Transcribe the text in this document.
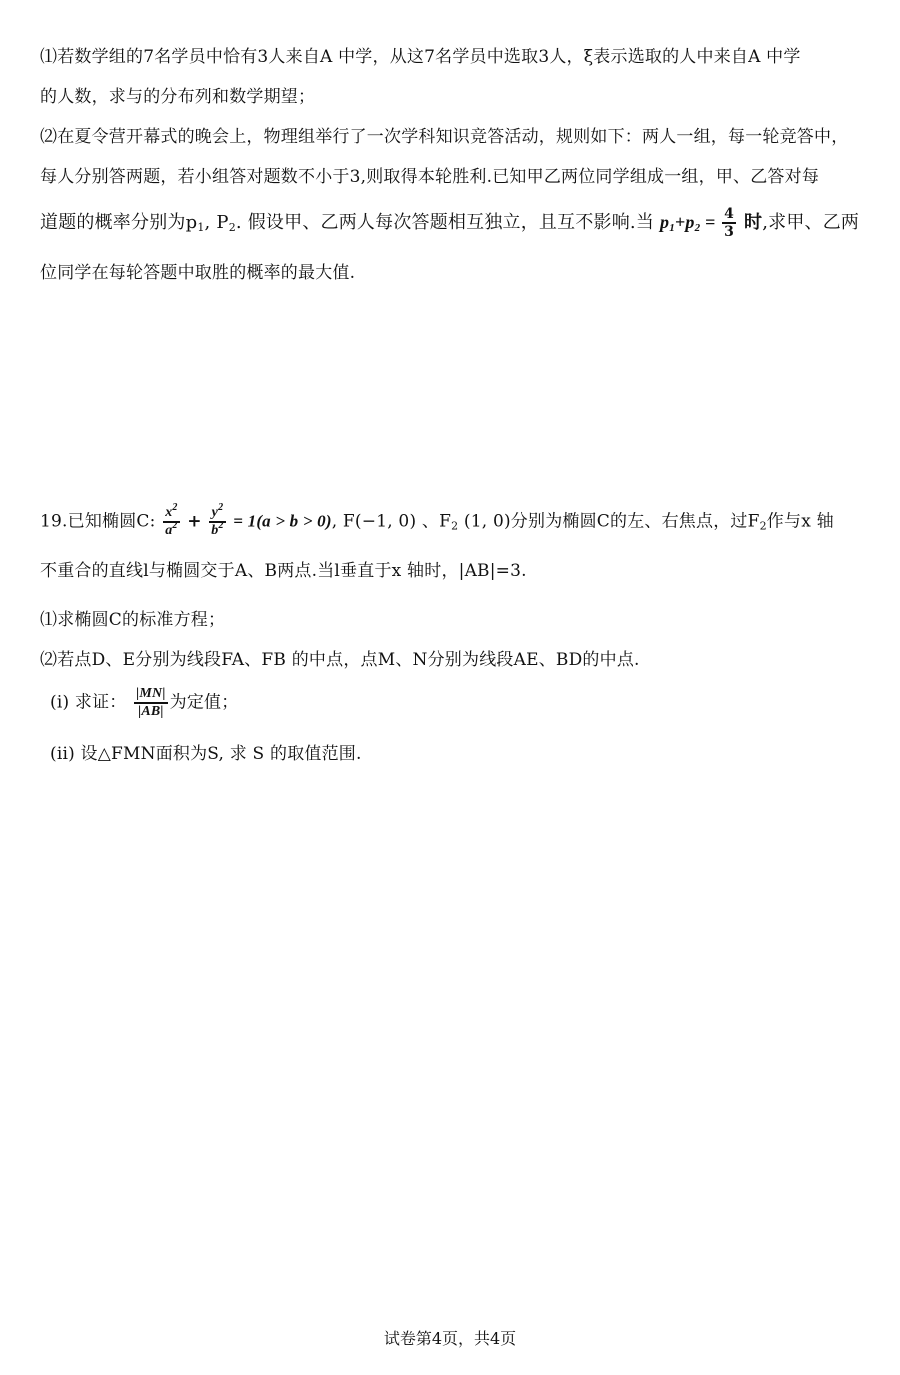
⑴若数学组的7名学员中恰有3人来自A 中学，从这7名学员中选取3人，ξ表示选取的人中来自A 中学
的人数，求与的分布列和数学期望；
⑵在夏令营开幕式的晚会上，物理组举行了一次学科知识竞答活动，规则如下：两人一组，每一轮竞答中，
每人分别答两题，若小组答对题数不小于3,则取得本轮胜利.已知甲乙两位同学组成一组，甲、乙答对每
道题的概率分别为$p_1$, $P_2$. 假设甲、乙两人每次答题相互独立，且互不影响.当 $p_1+p_2 = \frac{4}{3}$ 时,求甲、乙两
位同学在每轮答题中取胜的概率的最大值.
19.已知椭圆C: $\frac{x^2}{a^2} + \frac{y^2}{b^2} = 1(a > b > 0)$, F(−1, 0) 、$F_2$ (1, 0)分别为椭圆C的左、右焦点，过$F_2$作与x 轴
不重合的直线l与椭圆交于A、B两点.当l垂直于x 轴时，|AB|=3.
⑴求椭圆C的标准方程；
⑵若点D、E分别为线段FA、FB 的中点，点M、N分别为线段AE、BD的中点.
(i) 求证： $\frac{|MN|}{|AB|}$ 为定值；
(ii) 设△FMN面积为S, 求 S 的取值范围.
试卷第4页，共4页
